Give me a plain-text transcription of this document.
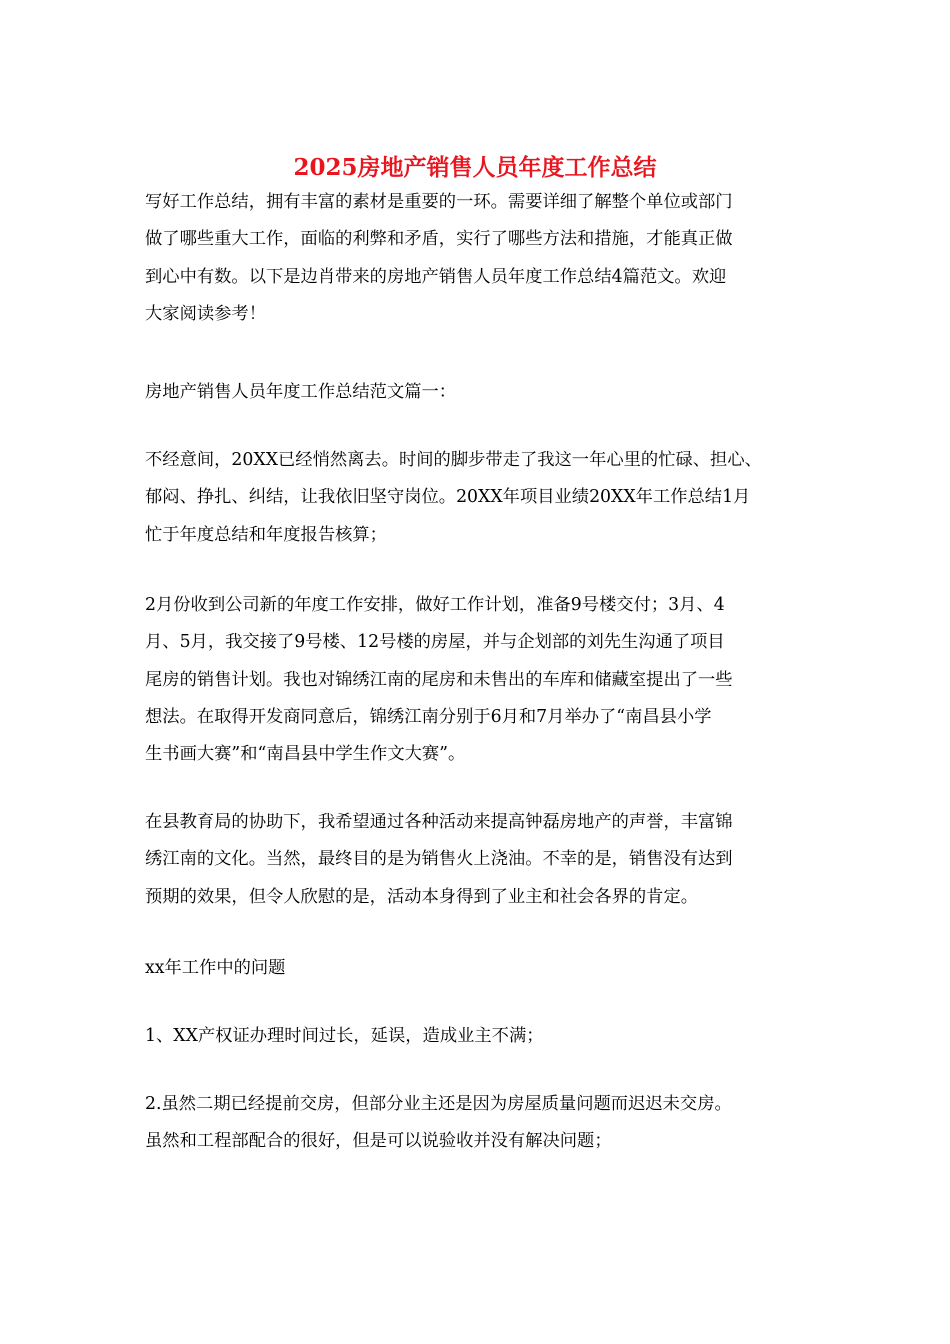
2025房地产销售人员年度工作总结

写好工作总结，拥有丰富的素材是重要的一环。需要详细了解整个单位或部门
做了哪些重大工作，面临的利弊和矛盾，实行了哪些方法和措施，才能真正做
到心中有数。以下是边肖带来的房地产销售人员年度工作总结4篇范文。欢迎
大家阅读参考！

房地产销售人员年度工作总结范文篇一：

不经意间，20XX已经悄然离去。时间的脚步带走了我这一年心里的忙碌、担心、
郁闷、挣扎、纠结，让我依旧坚守岗位。20XX年项目业绩20XX年工作总结1月
忙于年度总结和年度报告核算；

2月份收到公司新的年度工作安排，做好工作计划，准备9号楼交付；3月、4
月、5月，我交接了9号楼、12号楼的房屋，并与企划部的刘先生沟通了项目
尾房的销售计划。我也对锦绣江南的尾房和未售出的车库和储藏室提出了一些
想法。在取得开发商同意后，锦绣江南分别于6月和7月举办了“南昌县小学
生书画大赛”和“南昌县中学生作文大赛”。

在县教育局的协助下，我希望通过各种活动来提高钟磊房地产的声誉，丰富锦
绣江南的文化。当然，最终目的是为销售火上浇油。不幸的是，销售没有达到
预期的效果，但令人欣慰的是，活动本身得到了业主和社会各界的肯定。

xx年工作中的问题

1、XX产权证办理时间过长，延误，造成业主不满；

2.虽然二期已经提前交房，但部分业主还是因为房屋质量问题而迟迟未交房。
虽然和工程部配合的很好，但是可以说验收并没有解决问题；
